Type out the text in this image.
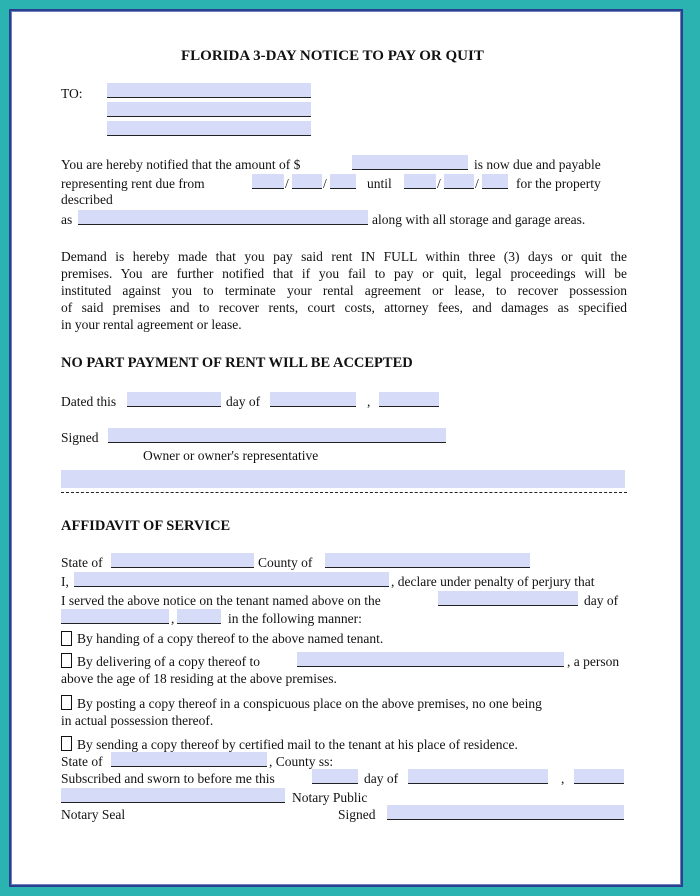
FLORIDA 3-DAY NOTICE TO PAY OR QUIT
TO:
You are hereby notified that the amount of $	is now due and payable
representing rent due from	/	/	until	/	/	for the property
described
as	along with all storage and garage areas.
Demand is hereby made that you pay said rent IN FULL within three (3) days or quit the
premises. You are further notified that if you fail to pay or quit, legal proceedings will be
instituted against you to terminate your rental agreement or lease, to recover possession
of said premises and to recover rents, court costs, attorney fees, and damages as specified
in your rental agreement or lease.
NO PART PAYMENT OF RENT WILL BE ACCEPTED
Dated this	day of	,
Signed
Owner or owner's representative
AFFIDAVIT OF SERVICE
State of	County of
I,	, declare under penalty of perjury that
I served the above notice on the tenant named above on the	day of
,	in the following manner:
By handing of a copy thereof to the above named tenant.
By delivering of a copy thereof to	, a person
above the age of 18 residing at the above premises.
By posting a copy thereof in a conspicuous place on the above premises, no one being
in actual possession thereof.
By sending a copy thereof by certified mail to the tenant at his place of residence.
State of	, County ss:
Subscribed and sworn to before me this	day of	,
Notary Public
Notary Seal	Signed
